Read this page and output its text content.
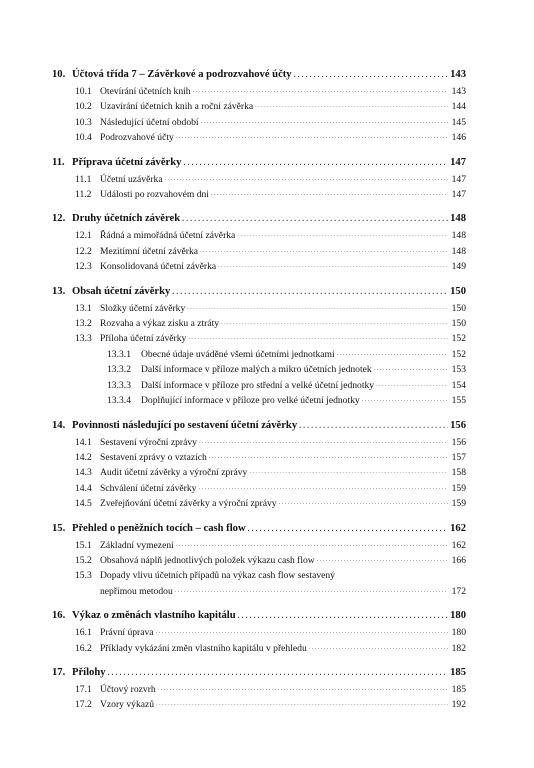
10. Účtová třída 7 – Závěrkové a podrozvahové účty . . .	143
10.1 Otevírání účetních knih . . .	143
10.2 Uzavírání účetních knih a roční závěrka . . .	144
10.3 Následující účetní období . . .	145
10.4 Podrozvahové účty . . .	146
11. Příprava účetní závěrky . . .	147
11.1 Účetní uzávěrka . . .	147
11.2 Události po rozvahovém dni . . .	147
12. Druhy účetních závěrek . . .	148
12.1 Řádná a mimořádná účetní závěrka . . .	148
12.2 Mezitímní účetní závěrka . . .	148
12.3 Konsolidovaná účetní závěrka . . .	149
13. Obsah účetní závěrky . . .	150
13.1 Složky účetní závěrky . . .	150
13.2 Rozvaha a výkaz zisku a ztráty . . .	150
13.3 Příloha účetní závěrky . . .	152
13.3.1	Obecné údaje uváděné všemi účetními jednotkami . . .	152
13.3.2	Další informace v příloze malých a mikro účetních jednotek . . .	153
13.3.3	Další informace v příloze pro střední a velké účetní jednotky . . .	154
13.3.4	Doplňující informace v příloze pro velké účetní jednotky . . .	155
14. Povinnosti následující po sestavení účetní závěrky . . .	156
14.1 Sestavení výroční zprávy . . .	156
14.2 Sestavení zprávy o vztazích . . .	157
14.3 Audit účetní závěrky a výroční zprávy . . .	158
14.4 Schválení účetní závěrky . . .	159
14.5 Zveřejňování účetní závěrky a výroční zprávy . . .	159
15. Přehled o peněžních tocích – cash flow . . .	162
15.1 Základní vymezení . . .	162
15.2 Obsahová náplň jednotlivých položek výkazu cash flow . . .	166
15.3 Dopady vlivu účetních případů na výkaz cash flow sestavený
nepřímou metodou . . .	172
16. Výkaz o změnách vlastního kapitálu . . .	180
16.1 Právní úprava . . .	180
16.2 Příklady vykázání změn vlastního kapitálu v přehledu . . .	182
17. Přílohy . . .	185
17.1 Účtový rozvrh . . .	185
17.2 Vzory výkazů . . .	192
